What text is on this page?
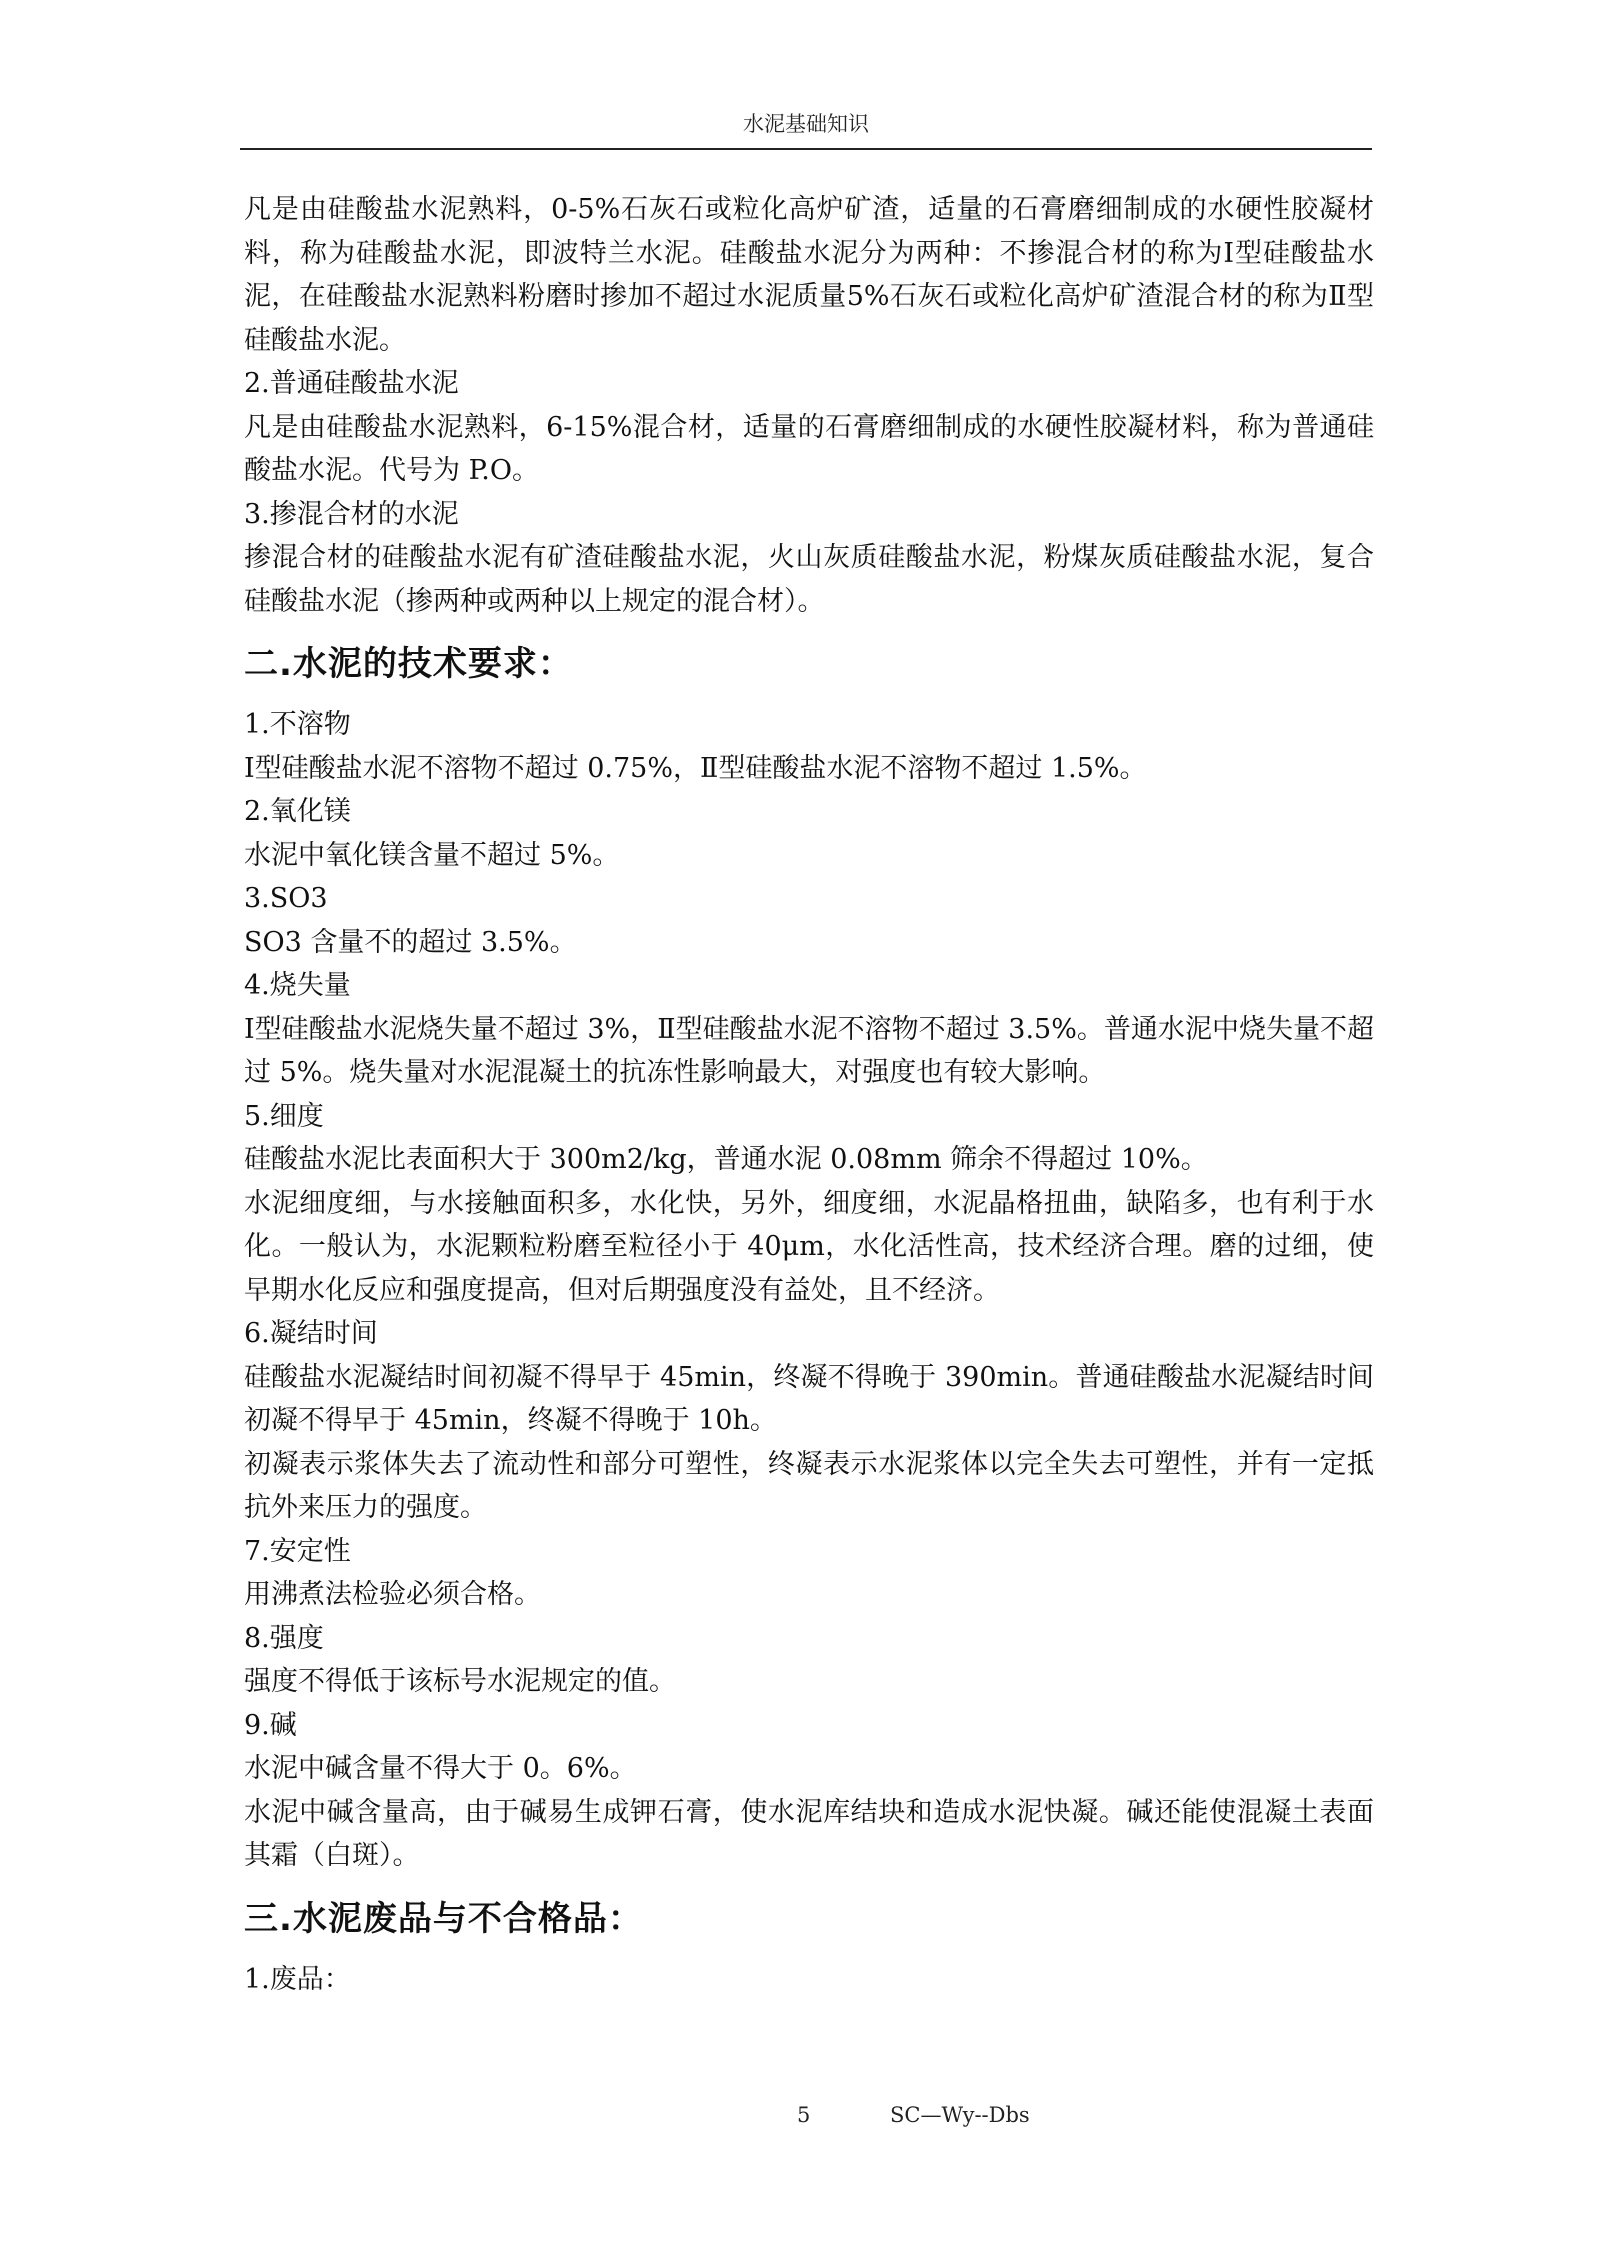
水泥基础知识

凡是由硅酸盐水泥熟料，0-5%石灰石或粒化高炉矿渣，适量的石膏磨细制成的水硬性胶凝材料，称为硅酸盐水泥，即波特兰水泥。硅酸盐水泥分为两种：不掺混合材的称为Ⅰ型硅酸盐水泥，在硅酸盐水泥熟料粉磨时掺加不超过水泥质量5%石灰石或粒化高炉矿渣混合材的称为Ⅱ型硅酸盐水泥。

2.普通硅酸盐水泥

凡是由硅酸盐水泥熟料，6-15%混合材，适量的石膏磨细制成的水硬性胶凝材料，称为普通硅酸盐水泥。代号为 P.O。

3.掺混合材的水泥

掺混合材的硅酸盐水泥有矿渣硅酸盐水泥，火山灰质硅酸盐水泥，粉煤灰质硅酸盐水泥，复合硅酸盐水泥（掺两种或两种以上规定的混合材）。

二.水泥的技术要求：

1.不溶物

Ⅰ型硅酸盐水泥不溶物不超过 0.75%，Ⅱ型硅酸盐水泥不溶物不超过 1.5%。

2.氧化镁

水泥中氧化镁含量不超过 5%。

3.SO3

SO3 含量不的超过 3.5%。

4.烧失量

Ⅰ型硅酸盐水泥烧失量不超过 3%，Ⅱ型硅酸盐水泥不溶物不超过 3.5%。普通水泥中烧失量不超过 5%。烧失量对水泥混凝土的抗冻性影响最大，对强度也有较大影响。

5.细度

硅酸盐水泥比表面积大于 300m2/kg，普通水泥 0.08mm 筛余不得超过 10%。

水泥细度细，与水接触面积多，水化快，另外，细度细，水泥晶格扭曲，缺陷多，也有利于水化。一般认为，水泥颗粒粉磨至粒径小于 40μm，水化活性高，技术经济合理。磨的过细，使早期水化反应和强度提高，但对后期强度没有益处，且不经济。

6.凝结时间

硅酸盐水泥凝结时间初凝不得早于 45min，终凝不得晚于 390min。普通硅酸盐水泥凝结时间初凝不得早于 45min，终凝不得晚于 10h。

初凝表示浆体失去了流动性和部分可塑性，终凝表示水泥浆体以完全失去可塑性，并有一定抵抗外来压力的强度。

7.安定性

用沸煮法检验必须合格。

8.强度

强度不得低于该标号水泥规定的值。

9.碱

水泥中碱含量不得大于 0。6%。

水泥中碱含量高，由于碱易生成钾石膏，使水泥库结块和造成水泥快凝。碱还能使混凝土表面其霜（白斑）。

三.水泥废品与不合格品：

1.废品：

5	SC—Wy--Dbs
